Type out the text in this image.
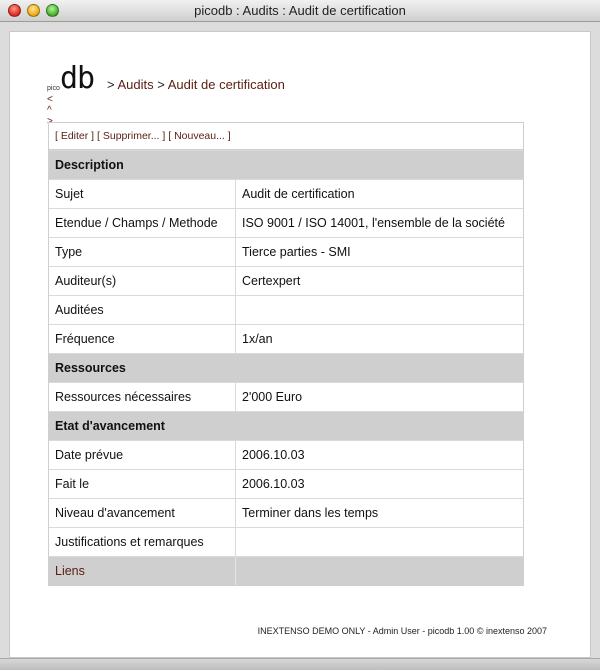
picodb : Audits : Audit de certification
pico db > Audits > Audit de certification
< ^ >
[ Editer ] [ Supprimer... ] [ Nouveau... ]
Description	
Sujet	Audit de certification
Etendue / Champs / Methode	ISO 9001 / ISO 14001, l'ensemble de la société
Type	Tierce parties - SMI
Auditeur(s)	Certexpert
Auditées	
Fréquence	1x/an
Ressources	
Ressources nécessaires	2'000 Euro
Etat d'avancement	
Date prévue	2006.10.03
Fait le	2006.10.03
Niveau d'avancement	Terminer dans les temps
Justifications et remarques	
Liens	
INEXTENSO DEMO ONLY - Admin User - picodb 1.00 © inextenso 2007
